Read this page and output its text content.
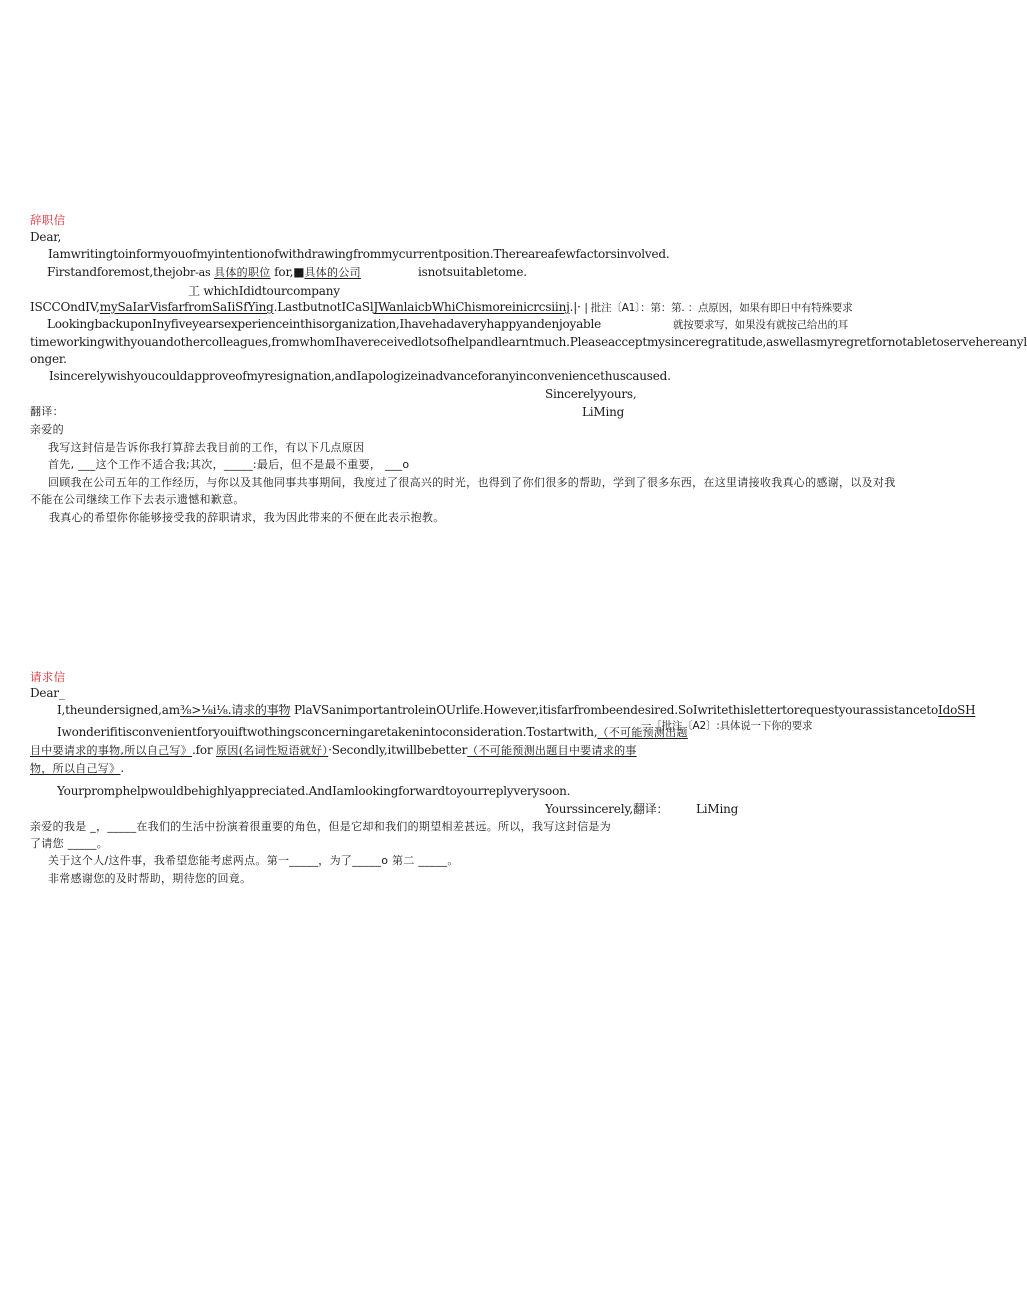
辞职信
Dear,
Iamwritingtoinformyouofmyintentionofwithdrawingfrommycurrentposition.Thereareafewfactorsinvolved.
Firstandforemost,thejobr-as 具体的职位 for,■具体的公司	isnotsuitabletome.
工 whichIdidtourcompany
ISCCOndIV,mySaIarVisfarfromSaIiSfYing.LastbutnotICaSlJWanlaicbWhiChismoreinicrcsiinj.|· | 批注〔A1〕：第：第. ：点原因，如果有即日中有特殊要求
LookingbackuponInyfiveyearsexperienceinthisorganization,Ihavehadaveryhappyandenjoyable	就按要求写，如果没有就按己给出的耳
timeworkingwithyouandothercolleagues,fromwhomIhavereceivedlotsofhelpandlearntmuch.Pleaseacceptmysinceregratitude,aswellasmyregretfornotabletoservehereanyl
onger.
Isincerelywishyoucouldapproveofmyresignation,andIapologizeinadvanceforanyinconveniencethuscaused.
Sincerelyyours,
翻译：	LiMing
亲爱的
我写这封信是告诉你我打算辞去我目前的工作，有以下几点原因
首先, ___这个工作不适合我;其次，_____:最后，但不是最不重要， ___o
回顾我在公司五年的工作经历，与你以及其他同事共事期间，我度过了很高兴的时光，也得到了你们很多的帮助，学到了很多东西，在这里请接收我真心的感谢，以及对我
不能在公司继续工作下去表示遗憾和歉意。
我真心的希望你你能够接受我的辞职请求，我为因此带来的不便在此表示抱教。
请求信
Dear_
I,theundersigned,am⅜>⅛i⅛.请求的事物 PlaVSanimportantroleinOUrlife.However,itisfarfrombeendesired.SoIwritethislettertorequestyourassistancetoIdoSH
Iwonderifitisconvenientforyouiftwothingsconcerningaretakenintoconsideration.Tostartwith,（不可能预测出题
一［批注〔A2〕:具体说一下你的要求
目中要请求的事物,所以自己写》.for 原因(名词性短语就好）·Secondly,itwillbebetter（不可能预测出题目中要请求的事
物，所以自己写》.
Yourpromphelpwouldbehighlyappreciated.AndIamlookingforwardtoyourreplyverysoon.
Yourssincerely,翻译： LiMing
亲爱的我是 _，_____在我们的生活中扮演着很重要的角色，但是它却和我们的期望相差甚远。所以，我写这封信是为
了请您 _____。
关于这个人/这件事，我希望您能考虑两点。第一_____，为了_____o 第二 _____。
非常感谢您的及时帮助，期待您的回竟。
